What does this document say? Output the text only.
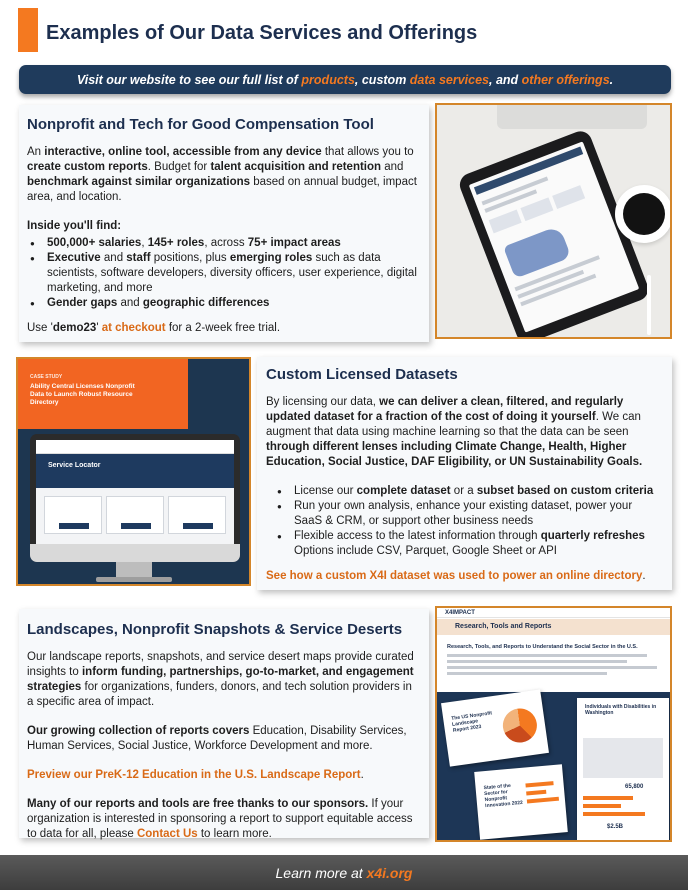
Examples of Our Data Services and Offerings
Visit our website to see our full list of products, custom data services, and other offerings.
Nonprofit and Tech for Good Compensation Tool

An interactive, online tool, accessible from any device that allows you to create custom reports. Budget for talent acquisition and retention and benchmark against similar organizations based on annual budget, impact area, and location.

Inside you'll find:

● 500,000+ salaries, 145+ roles, across 75+ impact areas
● Executive and staff positions, plus emerging roles such as data scientists, software developers, diversity officers, user experience, digital marketing, and more
● Gender gaps and geographic differences

Use 'demo23' at checkout for a 2-week free trial.

CASE STUDY
Ability Central Licenses Nonprofit Data to Launch Robust Resource Directory
Service Locator
Custom Licensed Datasets

By licensing our data, we can deliver a clean, filtered, and regularly updated dataset for a fraction of the cost of doing it yourself. We can augment that data using machine learning so that the data can be seen through different lenses including Climate Change, Health, Higher Education, Social Justice, DAF Eligibility, or UN Sustainability Goals.

● License our complete dataset or a subset based on custom criteria
● Run your own analysis, enhance your existing dataset, power your SaaS & CRM, or support other business needs
● Flexible access to the latest information through quarterly refreshes
Options include CSV, Parquet, Google Sheet or API

See how a custom X4I dataset was used to power an online directory.

Landscapes, Nonprofit Snapshots & Service Deserts

Our landscape reports, snapshots, and service desert maps provide curated insights to inform funding, partnerships, go-to-market, and engagement strategies for organizations, funders, donors, and tech solution providers in a specific area of impact.

Our growing collection of reports covers Education, Disability Services, Human Services, Social Justice, Workforce Development and more.

Preview our PreK-12 Education in the U.S. Landscape Report.

Many of our reports and tools are free thanks to our sponsors. If your organization is interested in sponsoring a report to support equitable access to data for all, please Contact Us to learn more.

X4IMPACT
Research, Tools and Reports
Research, Tools, and Reports to Understand the Social Sector in the U.S.
The US Nonprofit Landscape Report 2023
State of the Sector for Nonprofit Innovation 2022
Individuals with Disabilities in Washington
65,800
$2.5B
Learn more at x4i.org
